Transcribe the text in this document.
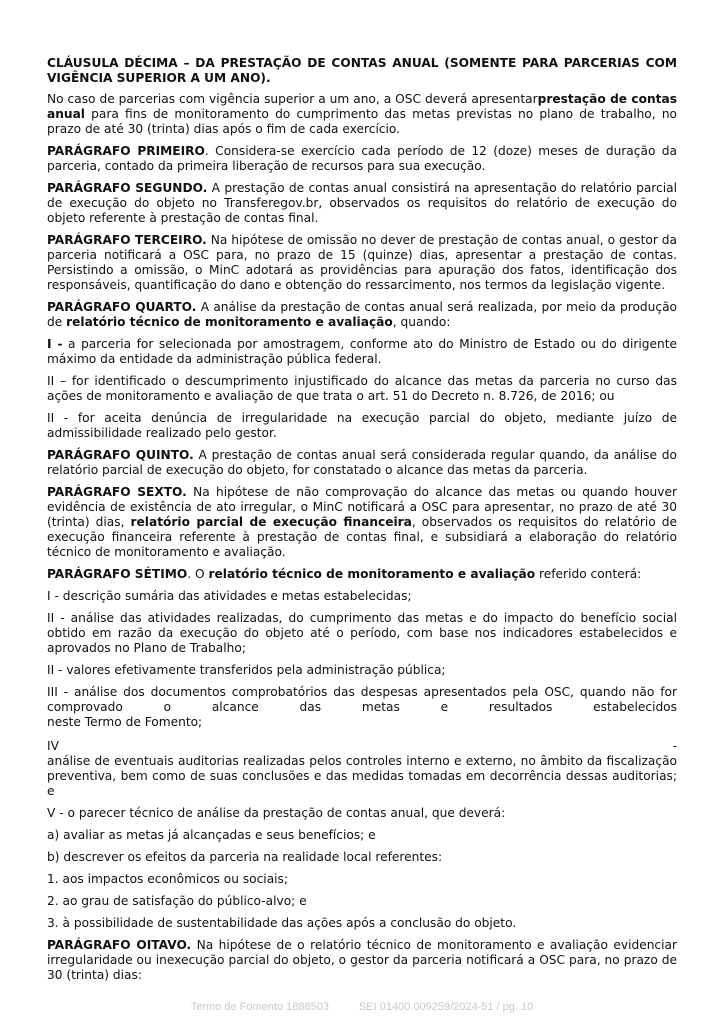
CLÁUSULA DÉCIMA – DA PRESTAÇÃO DE CONTAS ANUAL (SOMENTE PARA PARCERIAS COM VIGÊNCIA SUPERIOR A UM ANO).

No caso de parcerias com vigência superior a um ano, a OSC deverá apresentarprestação de contas anual para fins de monitoramento do cumprimento das metas previstas no plano de trabalho, no prazo de até 30 (trinta) dias após o fim de cada exercício.

PARÁGRAFO PRIMEIRO. Considera-se exercício cada período de 12 (doze) meses de duração da parceria, contado da primeira liberação de recursos para sua execução.

PARÁGRAFO SEGUNDO. A prestação de contas anual consistirá na apresentação do relatório parcial de execução do objeto no Transferegov.br, observados os requisitos do relatório de execução do objeto referente à prestação de contas final.

PARÁGRAFO TERCEIRO. Na hipótese de omissão no dever de prestação de contas anual, o gestor da parceria notificará a OSC para, no prazo de 15 (quinze) dias, apresentar a prestação de contas. Persistindo a omissão, o MinC adotará as providências para apuração dos fatos, identificação dos responsáveis, quantificação do dano e obtenção do ressarcimento, nos termos da legislação vigente.

PARÁGRAFO QUARTO. A análise da prestação de contas anual será realizada, por meio da produção de relatório técnico de monitoramento e avaliação, quando:

I - a parceria for selecionada por amostragem, conforme ato do Ministro de Estado ou do dirigente máximo da entidade da administração pública federal.

II – for identificado o descumprimento injustificado do alcance das metas da parceria no curso das ações de monitoramento e avaliação de que trata o art. 51 do Decreto n. 8.726, de 2016; ou

II - for aceita denúncia de irregularidade na execução parcial do objeto, mediante juízo de admissibilidade realizado pelo gestor.

PARÁGRAFO QUINTO. A prestação de contas anual será considerada regular quando, da análise do relatório parcial de execução do objeto, for constatado o alcance das metas da parceria.

PARÁGRAFO SEXTO. Na hipótese de não comprovação do alcance das metas ou quando houver evidência de existência de ato irregular, o MinC notificará a OSC para apresentar, no prazo de até 30 (trinta) dias, relatório parcial de execução financeira, observados os requisitos do relatório de execução financeira referente à prestação de contas final, e subsidiará a elaboração do relatório técnico de monitoramento e avaliação.

PARÁGRAFO SÉTIMO. O relatório técnico de monitoramento e avaliação referido conterá:

I - descrição sumária das atividades e metas estabelecidas;

II - análise das atividades realizadas, do cumprimento das metas e do impacto do benefício social obtido em razão da execução do objeto até o período, com base nos indicadores estabelecidos e aprovados no Plano de Trabalho;

II - valores efetivamente transferidos pela administração pública;

III - análise dos documentos comprobatórios das despesas apresentados pela OSC, quando não for comprovado o alcance das metas e resultados estabelecidos
neste Termo de Fomento;

IV	-
análise de eventuais auditorias realizadas pelos controles interno e externo, no âmbito da fiscalização preventiva, bem como de suas conclusões e das medidas tomadas em decorrência dessas auditorias; e

V - o parecer técnico de análise da prestação de contas anual, que deverá:

a) avaliar as metas já alcançadas e seus benefícios; e

b) descrever os efeitos da parceria na realidade local referentes:

1. aos impactos econômicos ou sociais;

2. ao grau de satisfação do público-alvo; e

3. à possibilidade de sustentabilidade das ações após a conclusão do objeto.

PARÁGRAFO OITAVO. Na hipótese de o relatório técnico de monitoramento e avaliação evidenciar irregularidade ou inexecução parcial do objeto, o gestor da parceria notificará a OSC para, no prazo de 30 (trinta) dias:

Termo de Fomento 1888503	SEI 01400.009259/2024-51 / pg. 10
